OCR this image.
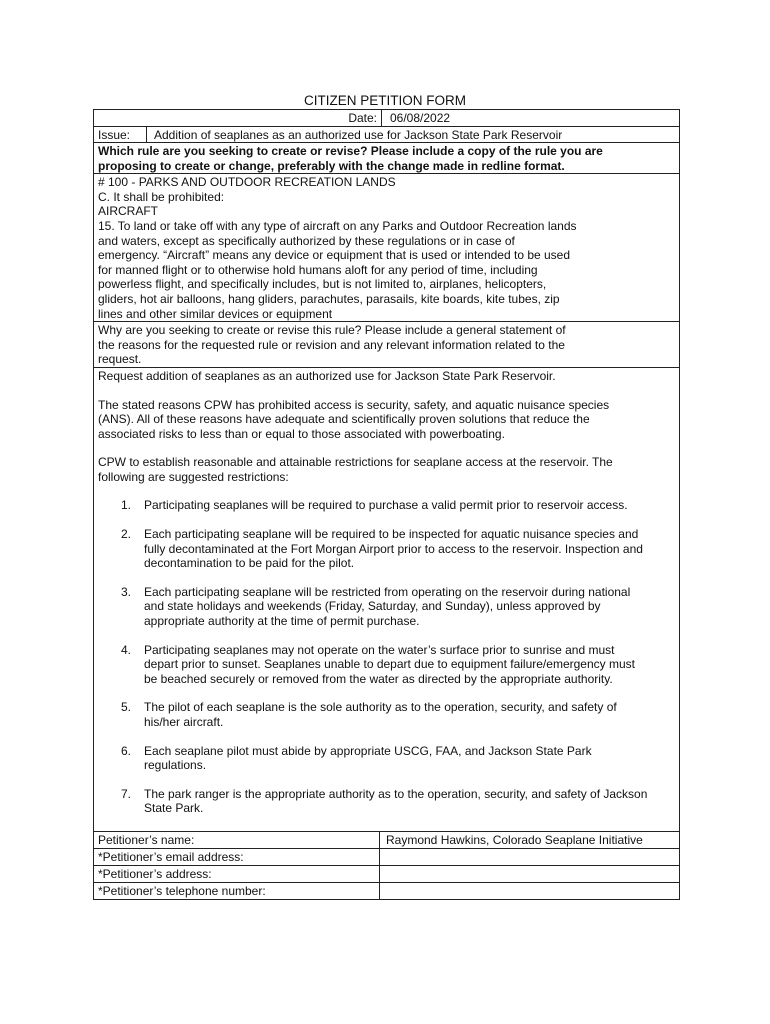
CITIZEN PETITION FORM
Date:	06/08/2022
Issue:	Addition of seaplanes as an authorized use for Jackson State Park Reservoir
Which rule are you seeking to create or revise? Please include a copy of the rule you are
proposing to create or change, preferably with the change made in redline format.
# 100 - PARKS AND OUTDOOR RECREATION LANDS
C. It shall be prohibited:
AIRCRAFT
15. To land or take off with any type of aircraft on any Parks and Outdoor Recreation lands
and waters, except as specifically authorized by these regulations or in case of
emergency. “Aircraft” means any device or equipment that is used or intended to be used
for manned flight or to otherwise hold humans aloft for any period of time, including
powerless flight, and specifically includes, but is not limited to, airplanes, helicopters,
gliders, hot air balloons, hang gliders, parachutes, parasails, kite boards, kite tubes, zip
lines and other similar devices or equipment
Why are you seeking to create or revise this rule? Please include a general statement of
the reasons for the requested rule or revision and any relevant information related to the
request.
Request addition of seaplanes as an authorized use for Jackson State Park Reservoir.
The stated reasons CPW has prohibited access is security, safety, and aquatic nuisance species
(ANS). All of these reasons have adequate and scientifically proven solutions that reduce the
associated risks to less than or equal to those associated with powerboating.
CPW to establish reasonable and attainable restrictions for seaplane access at the reservoir. The
following are suggested restrictions:
1. Participating seaplanes will be required to purchase a valid permit prior to reservoir access.
2. Each participating seaplane will be required to be inspected for aquatic nuisance species and
fully decontaminated at the Fort Morgan Airport prior to access to the reservoir. Inspection and
decontamination to be paid for the pilot.
3. Each participating seaplane will be restricted from operating on the reservoir during national
and state holidays and weekends (Friday, Saturday, and Sunday), unless approved by
appropriate authority at the time of permit purchase.
4. Participating seaplanes may not operate on the water’s surface prior to sunrise and must
depart prior to sunset. Seaplanes unable to depart due to equipment failure/emergency must
be beached securely or removed from the water as directed by the appropriate authority.
5. The pilot of each seaplane is the sole authority as to the operation, security, and safety of
his/her aircraft.
6. Each seaplane pilot must abide by appropriate USCG, FAA, and Jackson State Park
regulations.
7. The park ranger is the appropriate authority as to the operation, security, and safety of Jackson
State Park.
Petitioner’s name:	Raymond Hawkins, Colorado Seaplane Initiative
*Petitioner’s email address:
*Petitioner’s address:
*Petitioner’s telephone number:
